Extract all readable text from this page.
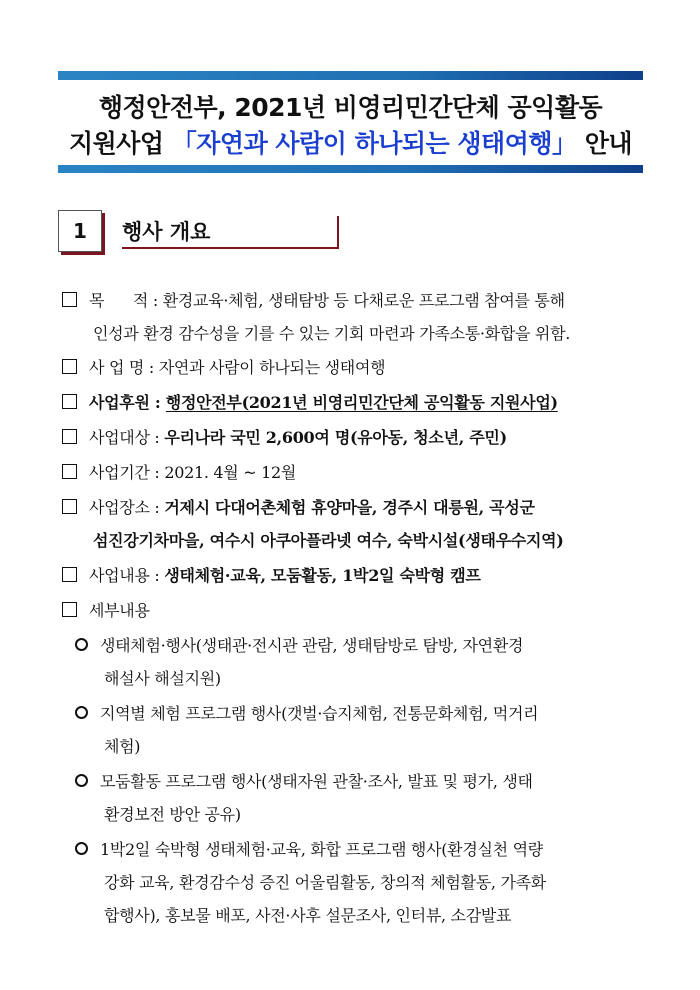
행정안전부, 2021년 비영리민간단체 공익활동
지원사업 「자연과 사람이 하나되는 생태여행」 안내
1	행사 개요
목      적 : 환경교육·체험, 생태탐방 등 다채로운 프로그램 참여를 통해
인성과 환경 감수성을 기를 수 있는 기회 마련과 가족소통·화합을 위함.
사 업 명 : 자연과 사람이 하나되는 생태여행
사업후원 : 행정안전부(2021년 비영리민간단체 공익활동 지원사업)
사업대상 : 우리나라 국민 2,600여 명(유아동, 청소년, 주민)
사업기간 : 2021. 4월 ~ 12월
사업장소 : 거제시 다대어촌체험 휴양마을, 경주시 대릉원, 곡성군
섬진강기차마을, 여수시 아쿠아플라넷 여수, 숙박시설(생태우수지역)
사업내용 : 생태체험·교육, 모둠활동, 1박2일 숙박형 캠프
세부내용
생태체험·행사(생태관·전시관 관람, 생태탐방로 탐방, 자연환경
해설사 해설지원)
지역별 체험 프로그램 행사(갯벌·습지체험, 전통문화체험, 먹거리
체험)
모둠활동 프로그램 행사(생태자원 관찰·조사, 발표 및 평가, 생태
환경보전 방안 공유)
1박2일 숙박형 생태체험·교육, 화합 프로그램 행사(환경실천 역량
강화 교육, 환경감수성 증진 어울림활동, 창의적 체험활동, 가족화
합행사), 홍보물 배포, 사전·사후 설문조사, 인터뷰, 소감발표
